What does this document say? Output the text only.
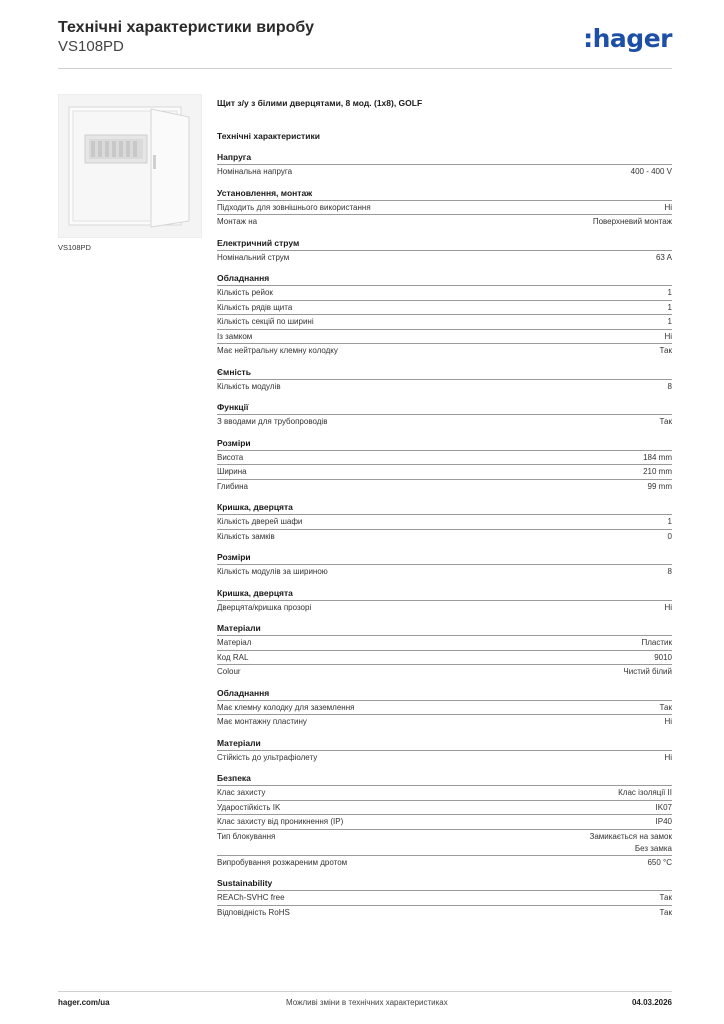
Технічні характеристики виробу
VS108PD	:hager
VS108PD
Щит з/у з білими дверцятами, 8 мод. (1x8), GOLF
Технічні характеристики
Напруга
Номінальна напруга	400 - 400 V
Установлення, монтаж
Підходить для зовнішнього використання	Ні
Монтаж на	Поверхневий монтаж
Електричний струм
Номінальний струм	63 A
Обладнання
Кількість рейок	1
Кількість рядів щита	1
Кількість секцій по ширині	1
Із замком	Ні
Має нейтральну клемну колодку	Так
Ємність
Кількість модулів	8
Функції
З вводами для трубопроводів	Так
Розміри
Висота	184 mm
Ширина	210 mm
Глибина	99 mm
Кришка, дверцята
Кількість дверей шафи	1
Кількість замків	0
Розміри
Кількість модулів за шириною	8
Кришка, дверцята
Дверцята/кришка прозорі	Ні
Матеріали
Матеріал	Пластик
Код RAL	9010
Colour	Чистий білий
Обладнання
Має клемну колодку для заземлення	Так
Має монтажну пластину	Ні
Матеріали
Стійкість до ультрафіолету	Ні
Безпека
Клас захисту	Клас ізоляції II
Ударостійкість IK	IK07
Клас захисту від проникнення (IP)	IP40
Тип блокування	Замикається на замок
Без замка
Випробування розжареним дротом	650 °C
Sustainability
REACh-SVHC free	Так
Відповідність RoHS	Так
hager.com/ua	Можливі зміни в технічних характеристиках	04.03.2026
